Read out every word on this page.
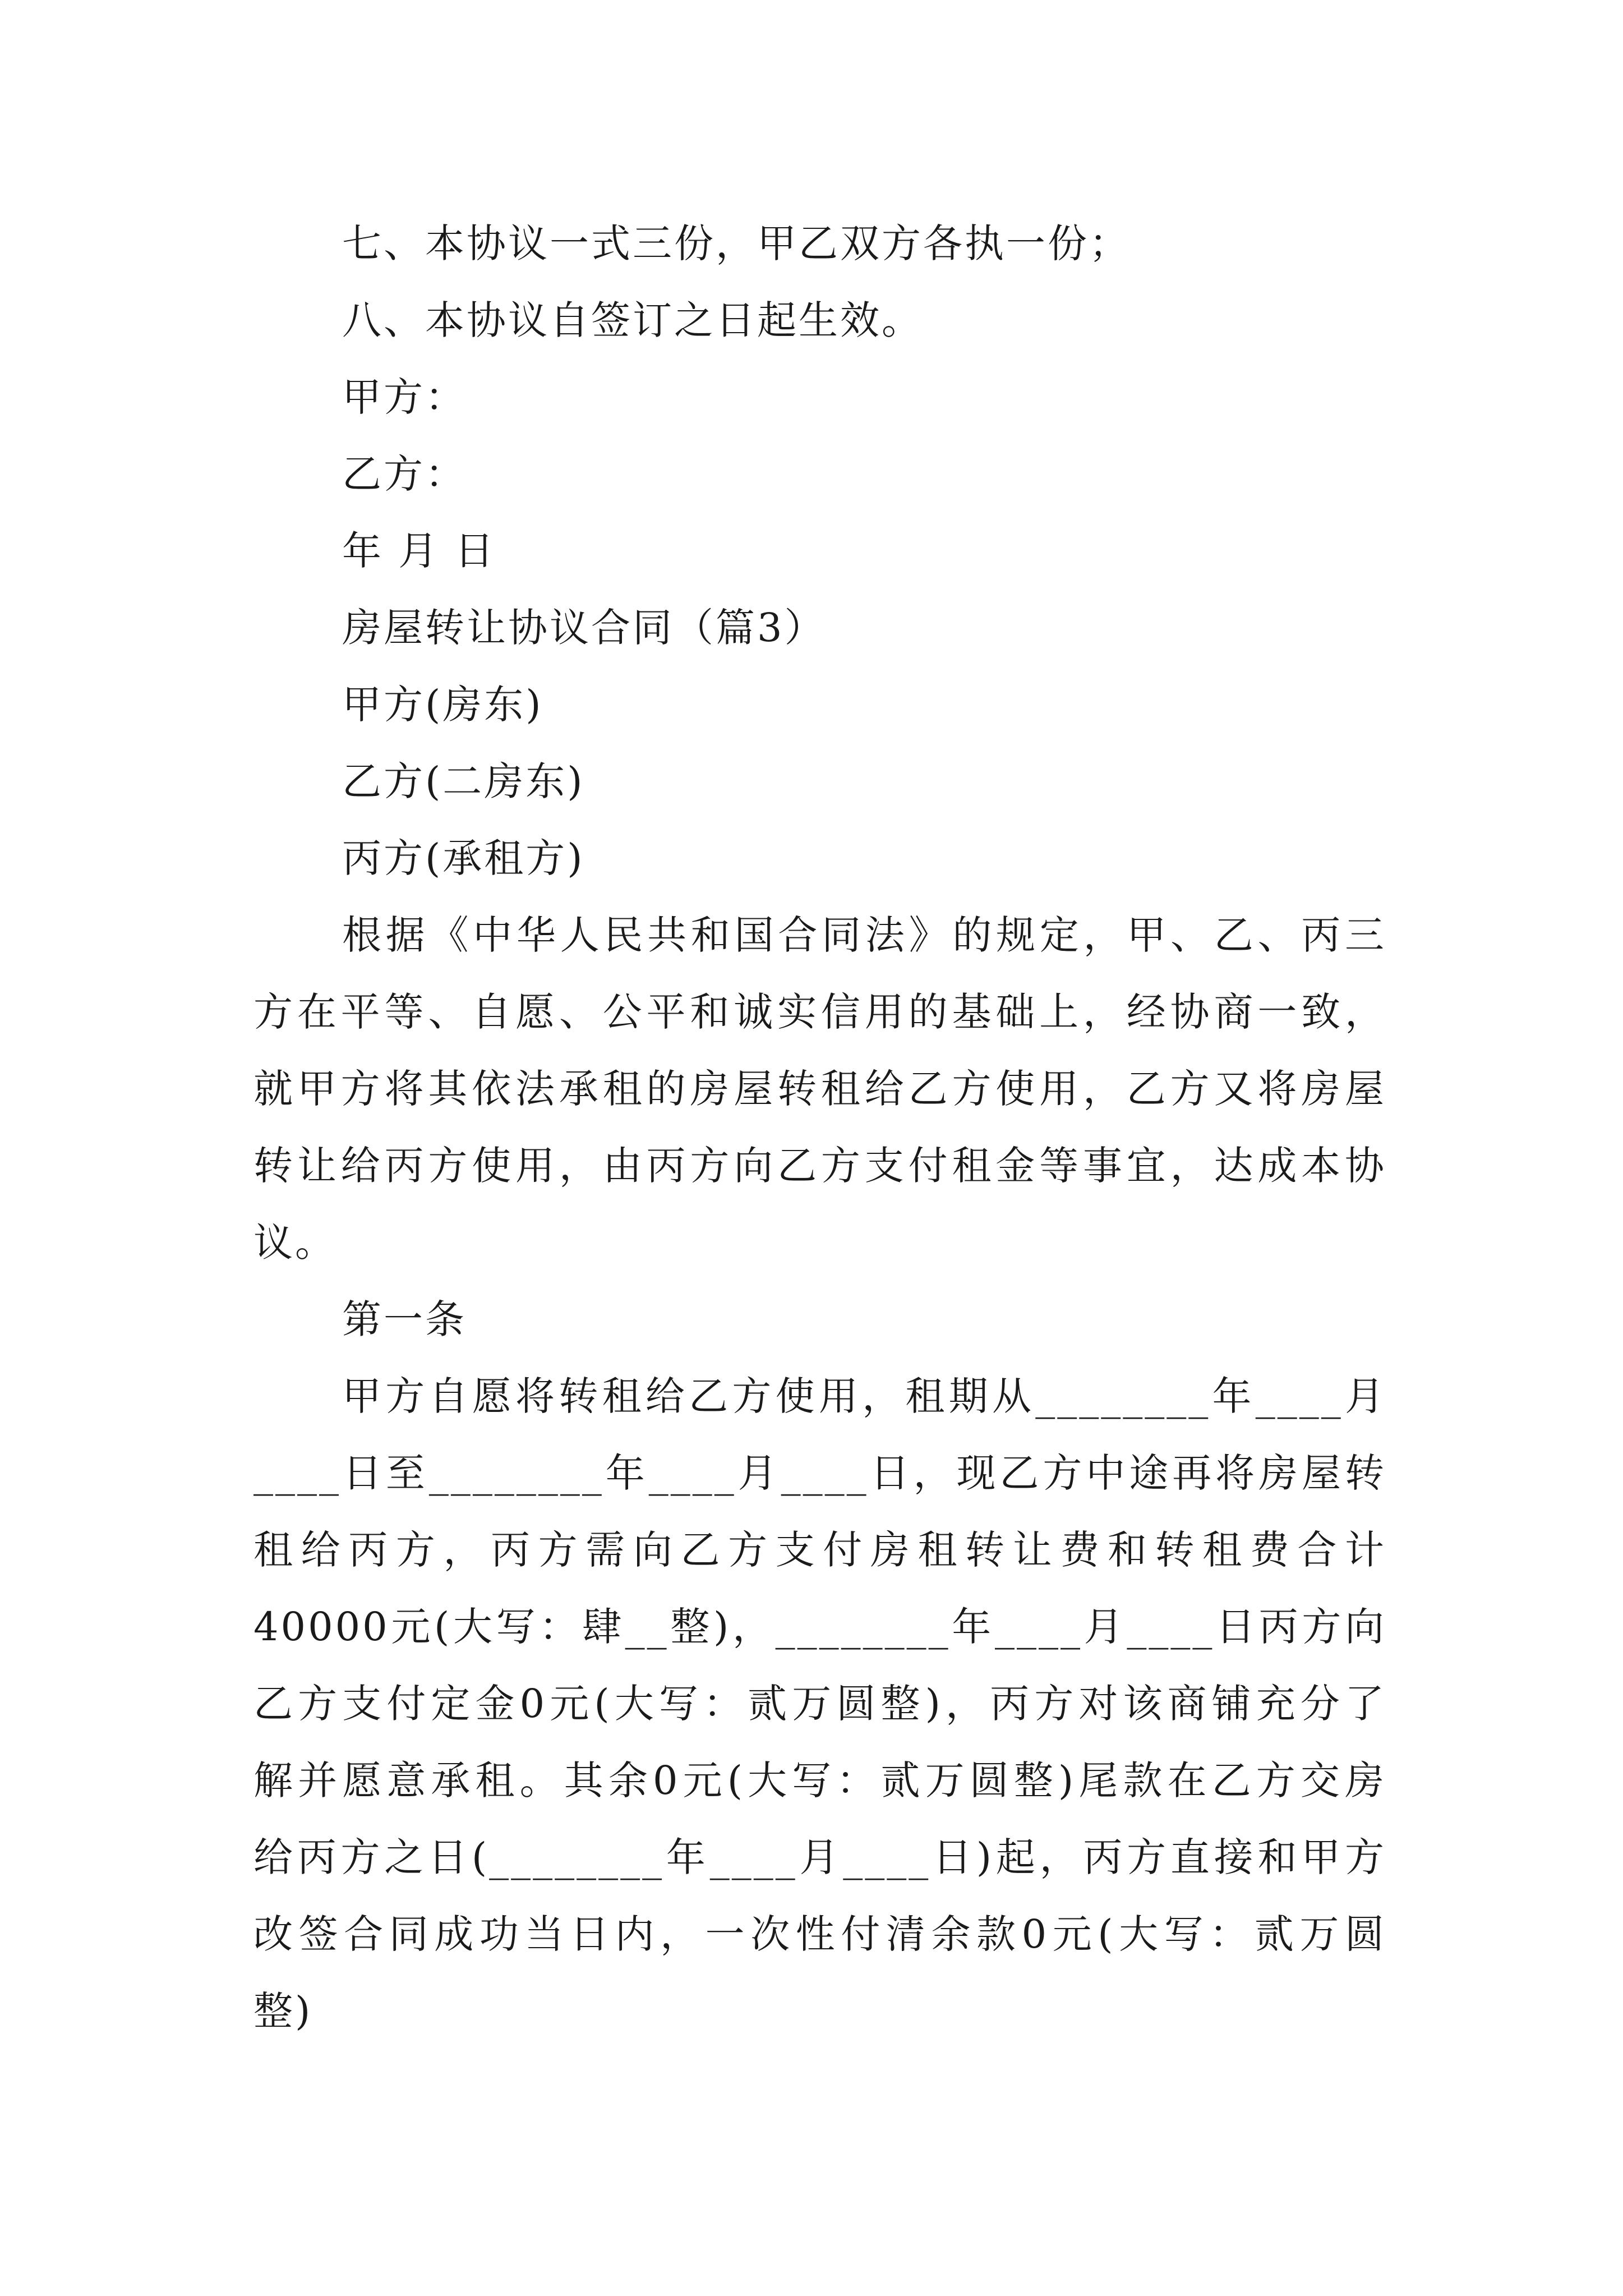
七、本协议一式三份，甲乙双方各执一份；
八、本协议自签订之日起生效。
甲方：
乙方：
年 月 日
房屋转让协议合同（篇3）
甲方(房东)
乙方(二房东)
丙方(承租方)
根据《中华人民共和国合同法》的规定，甲、乙、丙三
方在平等、自愿、公平和诚实信用的基础上，经协商一致，
就甲方将其依法承租的房屋转租给乙方使用，乙方又将房屋
转让给丙方使用，由丙方向乙方支付租金等事宜，达成本协
议。
第一条
甲方自愿将转租给乙方使用，租期从________年____月
____日至________年____月____日，现乙方中途再将房屋转
租给丙方，丙方需向乙方支付房租转让费和转租费合计
40000元(大写：肆__整)，________年____月____日丙方向
乙方支付定金0元(大写：贰万圆整)，丙方对该商铺充分了
解并愿意承租。其余0元(大写：贰万圆整)尾款在乙方交房
给丙方之日(________年____月____日)起，丙方直接和甲方
改签合同成功当日内，一次性付清余款0元(大写：贰万圆
整)
